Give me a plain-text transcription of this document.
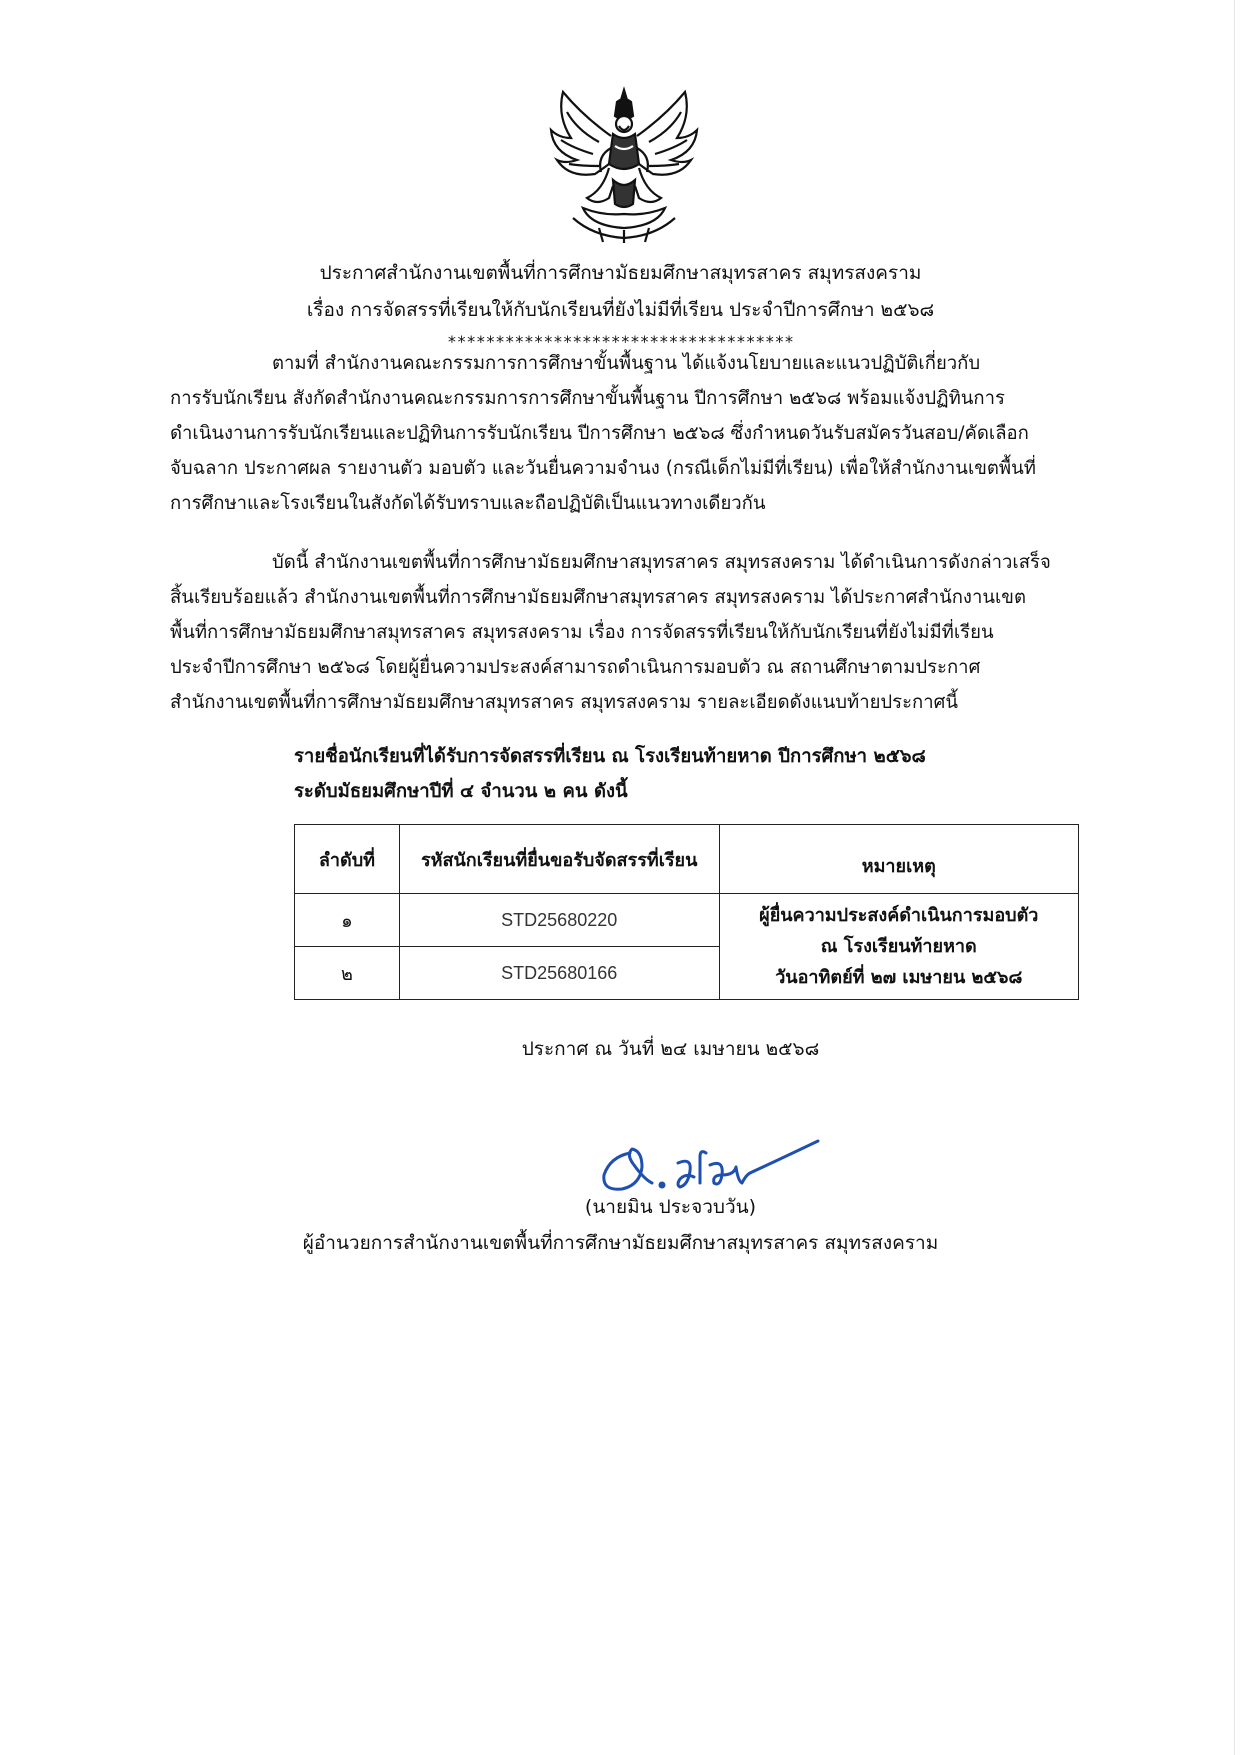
ประกาศสำนักงานเขตพื้นที่การศึกษามัธยมศึกษาสมุทรสาคร สมุทรสงคราม
เรื่อง การจัดสรรที่เรียนให้กับนักเรียนที่ยังไม่มีที่เรียน ประจำปีการศึกษา ๒๕๖๘
************************************
ตามที่ สำนักงานคณะกรรมการการศึกษาขั้นพื้นฐาน ได้แจ้งนโยบายและแนวปฏิบัติเกี่ยวกับ
การรับนักเรียน สังกัดสำนักงานคณะกรรมการการศึกษาขั้นพื้นฐาน ปีการศึกษา ๒๕๖๘ พร้อมแจ้งปฏิทินการ
ดำเนินงานการรับนักเรียนและปฏิทินการรับนักเรียน ปีการศึกษา ๒๕๖๘ ซึ่งกำหนดวันรับสมัครวันสอบ/คัดเลือก
จับฉลาก ประกาศผล รายงานตัว มอบตัว และวันยื่นความจำนง (กรณีเด็กไม่มีที่เรียน) เพื่อให้สำนักงานเขตพื้นที่
การศึกษาและโรงเรียนในสังกัดได้รับทราบและถือปฏิบัติเป็นแนวทางเดียวกัน
บัดนี้ สำนักงานเขตพื้นที่การศึกษามัธยมศึกษาสมุทรสาคร สมุทรสงคราม ได้ดำเนินการดังกล่าวเสร็จ
สิ้นเรียบร้อยแล้ว สำนักงานเขตพื้นที่การศึกษามัธยมศึกษาสมุทรสาคร สมุทรสงคราม ได้ประกาศสำนักงานเขต
พื้นที่การศึกษามัธยมศึกษาสมุทรสาคร สมุทรสงคราม เรื่อง การจัดสรรที่เรียนให้กับนักเรียนที่ยังไม่มีที่เรียน
ประจำปีการศึกษา ๒๕๖๘ โดยผู้ยื่นความประสงค์สามารถดำเนินการมอบตัว ณ สถานศึกษาตามประกาศ
สำนักงานเขตพื้นที่การศึกษามัธยมศึกษาสมุทรสาคร สมุทรสงคราม รายละเอียดดังแนบท้ายประกาศนี้
รายชื่อนักเรียนที่ได้รับการจัดสรรที่เรียน ณ โรงเรียนท้ายหาด ปีการศึกษา ๒๕๖๘
ระดับมัธยมศึกษาปีที่ ๔ จำนวน ๒ คน ดังนี้
ลำดับที่	รหัสนักเรียนที่ยื่นขอรับจัดสรรที่เรียน	หมายเหตุ
๑	STD25680220	ผู้ยื่นความประสงค์ดำเนินการมอบตัว
ณ โรงเรียนท้ายหาด
วันอาทิตย์ที่ ๒๗ เมษายน ๒๕๖๘

๒	STD25680166	
ประกาศ ณ วันที่ ๒๔ เมษายน ๒๕๖๘
(นายมิน ประจวบวัน)
ผู้อำนวยการสำนักงานเขตพื้นที่การศึกษามัธยมศึกษาสมุทรสาคร สมุทรสงคราม
